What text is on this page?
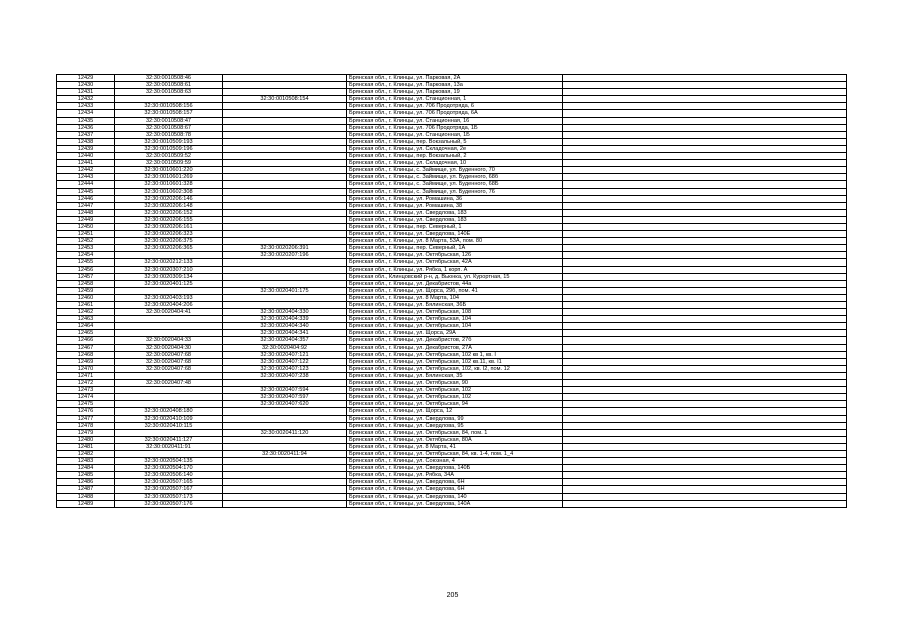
12429	32:30:0010508:46		Брянская обл., г. Клинцы, ул. Парковая, 2А	
12430	32:30:0010508:61		Брянская обл., г. Клинцы, ул. Парковая, 13а	
12431	32:30:0010508:63		Брянская обл., г. Клинцы, ул. Парковая, 19	
12432		32:30:0010508:154	Брянская обл., г. Клинцы, ул. Станционная, 1	
12433	32:30:0010508:156		Брянская обл., г. Клинцы, ул. 706 Продотряда, 6	
12434	32:30:0010508:157		Брянская обл., г. Клинцы, ул. 706 Продотряда, 6А	
12435	32:30:0010508:47		Брянская обл., г. Клинцы, ул. Станционная, 16	
12436	32:30:0010508:67		Брянская обл., г. Клинцы, ул. 706 Продотряда, 1Б	
12437	32:30:0010508:78		Брянская обл., г. Клинцы, ул. Станционная, 1Б	
12438	32:30:0010509:193		Брянская обл., г. Клинцы, пер. Вокзальный, 5	
12439	32:30:0010509:196		Брянская обл., г. Клинцы, ул. Складочная, 2е	
12440	32:30:0010509:52		Брянская обл., г. Клинцы, пер. Вокзальный, 2	
12441	32:30:0010509:59		Брянская обл., г. Клинцы, ул. Складочная, 10	
12442	32:30:0010601:220		Брянская обл., г. Клинцы, с. Займище, ул. Буденного, 70	
12443	32:30:0010601:269		Брянская обл., г. Клинцы, с. Займище, ул. Буденного, 68б	
12444	32:30:0010601:328		Брянская обл., г. Клинцы, с. Займище, ул. Буденного, 68Б	
12445	32:30:0010602:308		Брянская обл., г. Клинцы, с. Займище, ул. Буденного, 76	
12446	32:30:0020206:146		Брянская обл., г. Клинцы, ул. Ромашина, 36	
12447	32:30:0020206:148		Брянская обл., г. Клинцы, ул. Ромашина, 38	
12448	32:30:0020206:152		Брянская обл., г. Клинцы, ул. Свердлова, 183	
12449	32:30:0020206:155		Брянская обл., г. Клинцы, ул. Свердлова, 183	
12450	32:30:0020206:161		Брянская обл., г. Клинцы, пер. Северный, 1	
12451	32:30:0020206:323		Брянская обл., г. Клинцы, ул. Свердлова, 140Е	
12452	32:30:0020206:375		Брянская обл., г. Клинцы, ул. 8 Марта, 53А, пом. 80	
12453	32:30:0020206:365	32:30:0020206:391	Брянская обл., г. Клинцы, пер. Северный, 1А	
12454		32:30:0020207:196	Брянская обл., г. Клинцы, ул. Октябрьская, 126	
12455	32:30:0020212:133		Брянская обл., г. Клинцы, ул. Октябрьская, 42А	
12456	32:30:0020307:210		Брянская обл., г. Клинцы, ул. Рябка, 1 корп. А	
12457	32:30:0020309:134		Брянская обл., Клинцовский р-н, д. Вьюнка, ул. Курортная, 15	
12458	32:30:0020401:125		Брянская обл., г. Клинцы, ул. Декабристов, 44а	
12459		32:30:0020401:175	Брянская обл., г. Клинцы, ул. Щорса, 29б, пом. 41	
12460	32:30:0020403:193		Брянская обл., г. Клинцы, ул. 8 Марта, 104	
12461	32:30:0020404:206		Брянская обл., г. Клинцы, ул. Бялинская, 36Б	
12462	32:30:0020404:41	32:30:0020404:330	Брянская обл., г. Клинцы, ул. Октябрьская, 108	
12463		32:30:0020404:339	Брянская обл., г. Клинцы, ул. Октябрьская, 104	
12464		32:30:0020404:340	Брянская обл., г. Клинцы, ул. Октябрьская, 104	
12465		32:30:0020404:341	Брянская обл., г. Клинцы, ул. Щорса, 29А	
12466	32:30:0020404:33	32:30:0020404:357	Брянская обл., г. Клинцы, ул. Декабристов, 27б	
12467	32:30:0020404:30	32:30:0020404:92	Брянская обл., г. Клинцы, ул. Декабристов, 27А	
12468	32:30:0020407:68	32:30:0020407:121	Брянская обл., г. Клинцы, ул. Октябрьская, 102 кв 1, кв. I	
12469	32:30:0020407:68	32:30:0020407:122	Брянская обл., г. Клинцы, ул. Октябрьская, 102 кв.11, кв. I1	
12470	32:30:0020407:68	32:30:0020407:123	Брянская обл., г. Клинцы, ул. Октябрьская, 102, кв. I2, пом. 12	
12471		32:30:0020407:238	Брянская обл., г. Клинцы, ул. Бялинская, 35	
12472	32:30:0020407:48		Брянская обл., г. Клинцы, ул. Октябрьская, 90	
12473		32:30:0020407:594	Брянская обл., г. Клинцы, ул. Октябрьская, 102	
12474		32:30:0020407:597	Брянская обл., г. Клинцы, ул. Октябрьская, 102	
12475		32:30:0020407:620	Брянская обл., г. Клинцы, ул. Октябрьская, 94	
12476	32:30:0020408:180		Брянская обл., г. Клинцы, ул. Щорса, 12	
12477	32:30:0020410:109		Брянская обл., г. Клинцы, ул. Свердлова, 99	
12478	32:30:0020410:115		Брянская обл., г. Клинцы, ул. Свердлова, 95	
12479		32:30:0020411:120	Брянская обл., г. Клинцы, ул. Октябрьская, 84, пом. 1	
12480	32:30:0020411:127		Брянская обл., г. Клинцы, ул. Октябрьская, 80А	
12481	32:30:0020411:91		Брянская обл., г. Клинцы, ул. 8 Марта, 41	
12482		32:30:0020411:94	Брянская обл., г. Клинцы, ул. Октябрьская, 84, кв. 1-4, пом. 1_4	
12483	32:30:0020504:135		Брянская обл., г. Клинцы, ул. Союзная, 4	
12484	32:30:0020504:170		Брянская обл., г. Клинцы, ул. Свердлова, 140Б	
12485	32:30:0020506:140		Брянская обл., г. Клинцы, ул. Рябка, 34А	
12486	32:30:0020507:165		Брянская обл., г. Клинцы, ул. Свердлова, 6Н	
12487	32:30:0020507:167		Брянская обл., г. Клинцы, ул. Свердлова, 6Н	
12488	32:30:0020507:173		Брянская обл., г. Клинцы, ул. Свердлова, 140	
12489	32:30:0020507:176		Брянская обл., г. Клинцы, ул. Свердлова, 140А	
205
